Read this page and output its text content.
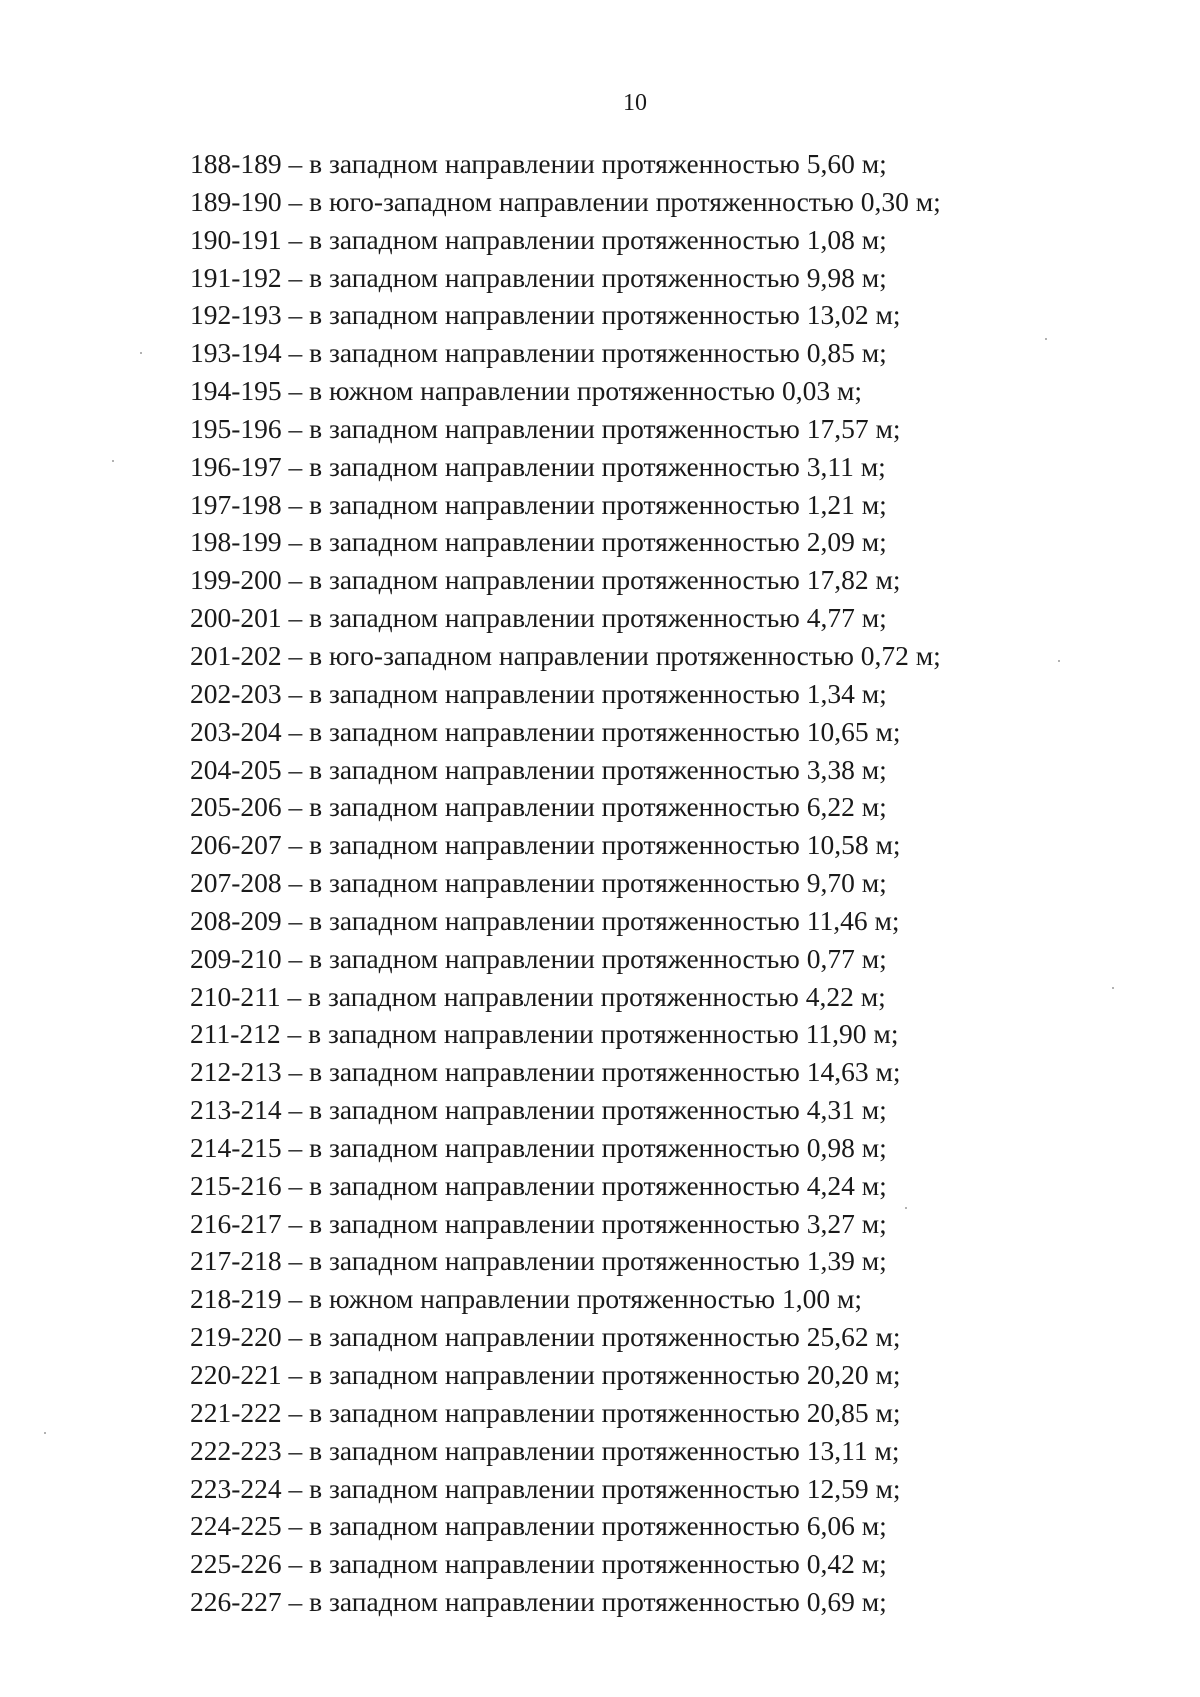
10
188-189 – в западном направлении протяженностью 5,60 м;
189-190 – в юго-западном направлении протяженностью 0,30 м;
190-191 – в западном направлении протяженностью 1,08 м;
191-192 – в западном направлении протяженностью 9,98 м;
192-193 – в западном направлении протяженностью 13,02 м;
193-194 – в западном направлении протяженностью 0,85 м;
194-195 – в южном направлении протяженностью 0,03 м;
195-196 – в западном направлении протяженностью 17,57 м;
196-197 – в западном направлении протяженностью 3,11 м;
197-198 – в западном направлении протяженностью 1,21 м;
198-199 – в западном направлении протяженностью 2,09 м;
199-200 – в западном направлении протяженностью 17,82 м;
200-201 – в западном направлении протяженностью 4,77 м;
201-202 – в юго-западном направлении протяженностью 0,72 м;
202-203 – в западном направлении протяженностью 1,34 м;
203-204 – в западном направлении протяженностью 10,65 м;
204-205 – в западном направлении протяженностью 3,38 м;
205-206 – в западном направлении протяженностью 6,22 м;
206-207 – в западном направлении протяженностью 10,58 м;
207-208 – в западном направлении протяженностью 9,70 м;
208-209 – в западном направлении протяженностью 11,46 м;
209-210 – в западном направлении протяженностью 0,77 м;
210-211 – в западном направлении протяженностью 4,22 м;
211-212 – в западном направлении протяженностью 11,90 м;
212-213 – в западном направлении протяженностью 14,63 м;
213-214 – в западном направлении протяженностью 4,31 м;
214-215 – в западном направлении протяженностью 0,98 м;
215-216 – в западном направлении протяженностью 4,24 м;
216-217 – в западном направлении протяженностью 3,27 м;
217-218 – в западном направлении протяженностью 1,39 м;
218-219 – в южном направлении протяженностью 1,00 м;
219-220 – в западном направлении протяженностью 25,62 м;
220-221 – в западном направлении протяженностью 20,20 м;
221-222 – в западном направлении протяженностью 20,85 м;
222-223 – в западном направлении протяженностью 13,11 м;
223-224 – в западном направлении протяженностью 12,59 м;
224-225 – в западном направлении протяженностью 6,06 м;
225-226 – в западном направлении протяженностью 0,42 м;
226-227 – в западном направлении протяженностью 0,69 м;
